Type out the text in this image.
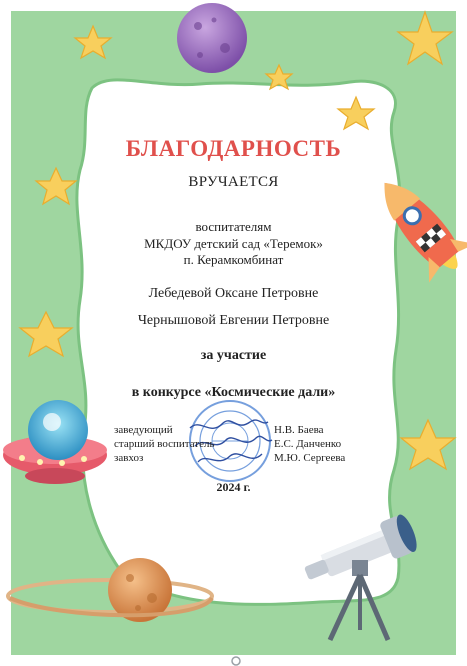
БЛАГОДАРНОСТЬ
ВРУЧАЕТСЯ
воспитателям
МКДОУ детский сад «Теремок»
п. Керамкомбинат
Лебедевой Оксане Петровне
Чернышовой Евгении Петровне
за участие
в конкурсе «Космические дали»
заведующий	Н.В. Баева
старший воспитатель	Е.С. Данченко
завхоз	М.Ю. Сергеева
2024 г.
